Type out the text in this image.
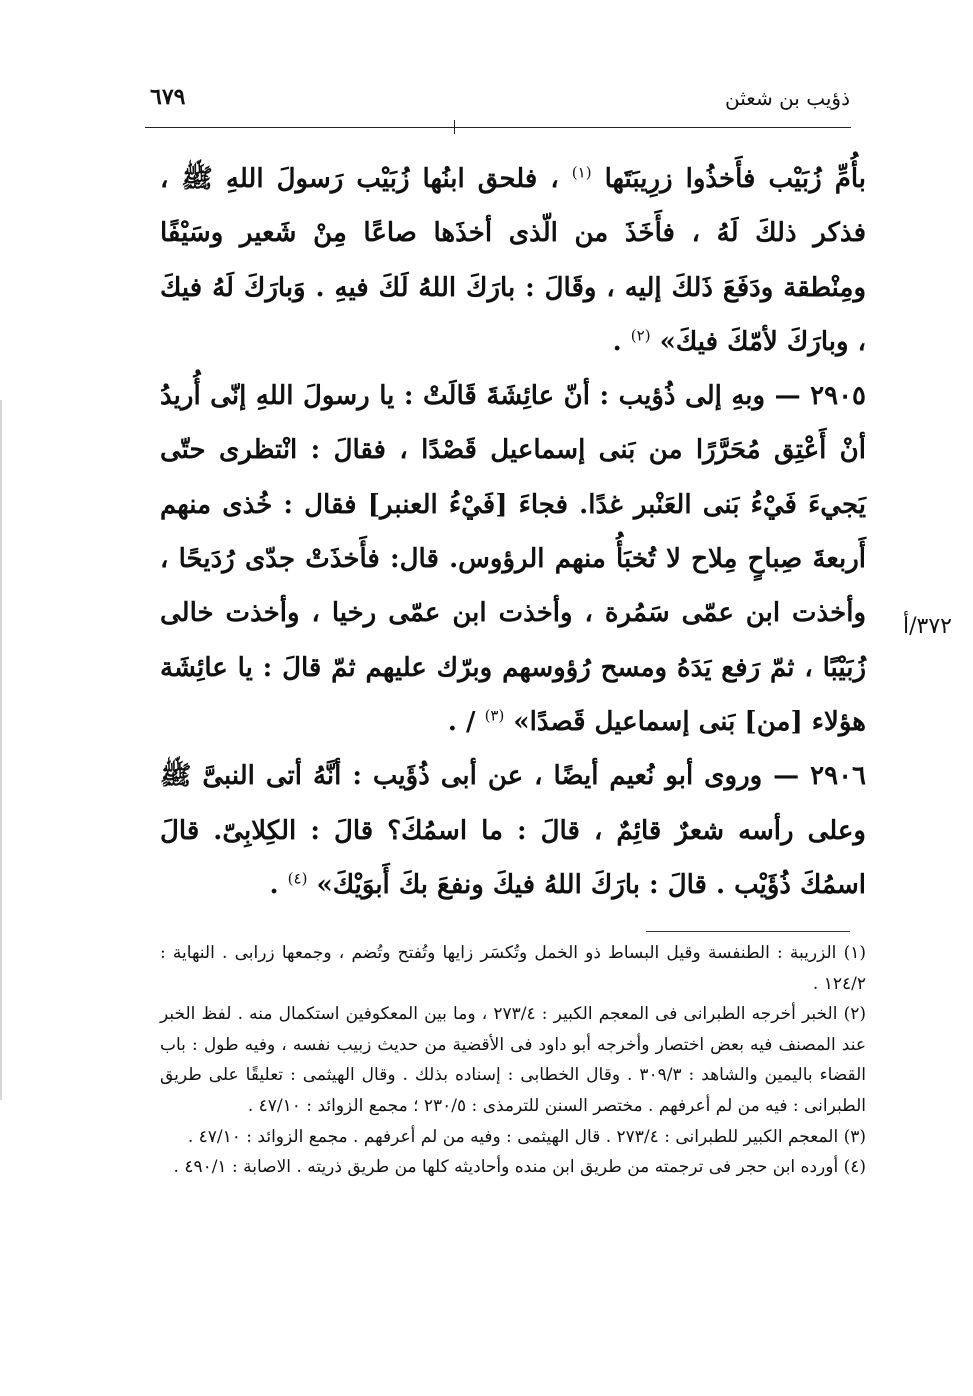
ذؤيب بن شعثن
٦٧٩

بأُمِّ زُبَيْب فأَخذُوا زرِيبَتَها $^{(١)}$ ، فلحق ابنُها زُبَيْب رَسولَ اللهِ ﷺ ، فذكر ذلكَ لَهُ ، فأَخَذَ من الّذى أخذَها صاعًا مِنْ شَعير وسَيْفًا ومِنْطقة ودَفَعَ ذَلكَ إليه ، وقَالَ : بارَكَ اللهُ لَكَ فيهِ . وَبارَكَ لَهُ فيكَ ، وبارَكَ لأمّكَ فيكَ» $^{(٢)}$ .

٢٩٠٥ — وبهِ إلى ذُؤيب : أنّ عائِشَةَ قَالَتْ : يا رسولَ اللهِ إنّى أُريدُ أنْ أَعْتِق مُحَرَّرًا من بَنى إسماعيل قَصْدًا ، فقالَ : انْتظرى حتّى يَجيءَ فَيْءُ بَنى العَنْبر غدًا. فجاءَ [فَيْءُ العنبر] فقال : خُذى منهم أَربعةَ صِباحٍ مِلاح لا تُخبَأُ منهم الرؤوس. قال: فأَخذَتْ جدّى رُدَيحًا ، وأخذت ابن عمّى سَمُرة ، وأخذت ابن عمّى رخيا ، وأخذت خالى زُبَيْبًا ، ثمّ رَفع يَدَهُ ومسح رُؤوسهم وبرّك عليهم ثمّ قالَ : يا عائِشَة هؤلاء [من] بَنى إسماعيل قَصدًا» $^{(٣)}$ / .

٢٩٠٦ — وروى أبو نُعيم أيضًا ، عن أبى ذُؤَيب : أنَّهُ أتى النبىَّ ﷺ وعلى رأسه شعرٌ قائِمٌ ، قالَ : ما اسمُكَ؟ قالَ : الكِلابِىّ. قالَ اسمُكَ ذُؤَيْب . قالَ : بارَكَ اللهُ فيكَ ونفعَ بكَ أَبوَيْكَ» $^{(٤)}$ .

٣٧٢/أ

(١) الزريبة : الطنفسة وقيل البساط ذو الخمل وتُكسَر زايها وتُفتح وتُضم ، وجمعها زرابى . النهاية : ١٢٤/٢ .

(٢) الخبر أخرجه الطبرانى فى المعجم الكبير : ٢٧٣/٤ ، وما بين المعكوفين استكمال منه . لفظ الخبر عند المصنف فيه بعض اختصار وأخرجه أبو داود فى الأقضية من حديث زبيب نفسه ، وفيه طول : باب القضاء باليمين والشاهد : ٣٠٩/٣ . وقال الخطابى : إسناده بذلك . وقال الهيثمى : تعليقًا على طريق الطبرانى : فيه من لم أعرفهم . مختصر السنن للترمذى : ٢٣٠/٥ ؛ مجمع الزوائد : ٤٧/١٠ .

(٣) المعجم الكبير للطبرانى : ٢٧٣/٤ . قال الهيثمى : وفيه من لم أعرفهم . مجمع الزوائد : ٤٧/١٠ .

(٤) أورده ابن حجر فى ترجمته من طريق ابن منده وأحاديثه كلها من طريق ذريته . الاصابة : ٤٩٠/١ .
